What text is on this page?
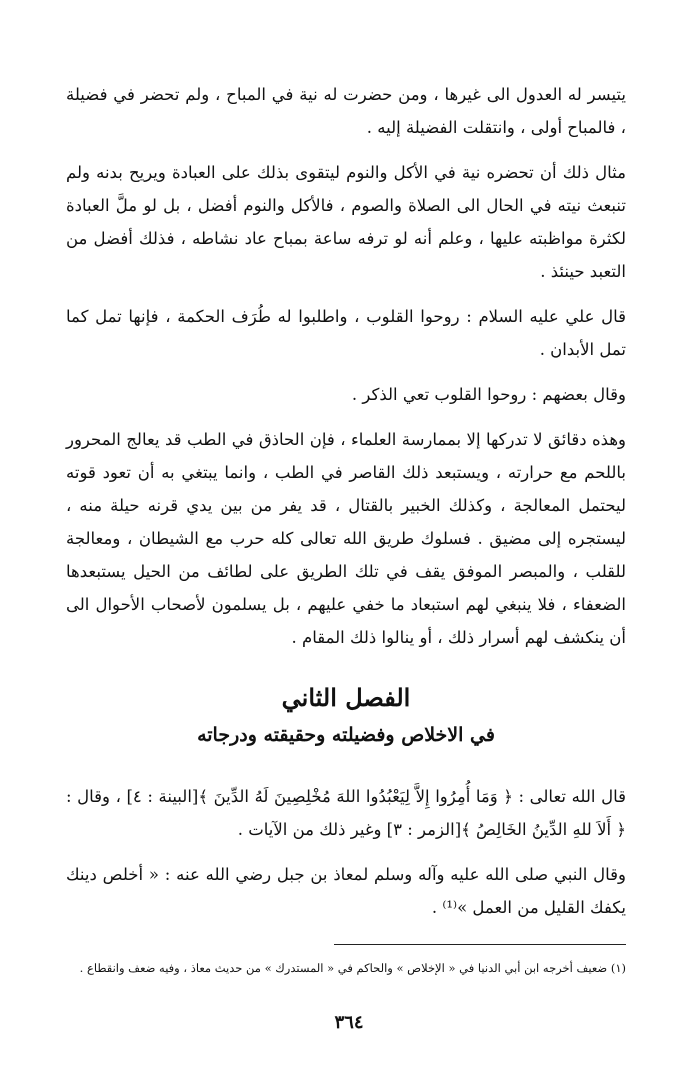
يتيسر له العدول الى غيرها ، ومن حضرت له نية في المباح ، ولم تحضر في فضيلة ، فالمباح أولى ، وانتقلت الفضيلة إليه .

مثال ذلك أن تحضره نية في الأكل والنوم ليتقوى بذلك على العبادة ويريح بدنه ولم تنبعث نيته في الحال الى الصلاة والصوم ، فالأكل والنوم أفضل ، بل لو ملَّ العبادة لكثرة مواظبته عليها ، وعلم أنه لو ترفه ساعة بمباح عاد نشاطه ، فذلك أفضل من التعبد حينئذ .

قال علي عليه السلام : روحوا القلوب ، واطلبوا له طُرَف الحكمة ، فإنها تمل كما تمل الأبدان .

وقال بعضهم : روحوا القلوب تعي الذكر .

وهذه دقائق لا تدركها إلا بممارسة العلماء ، فإن الحاذق في الطب قد يعالج المحرور باللحم مع حرارته ، ويستبعد ذلك القاصر في الطب ، وانما يبتغي به أن تعود قوته ليحتمل المعالجة ، وكذلك الخبير بالقتال ، قد يفر من بين يدي قرنه حيلة منه ، ليستجره إلى مضيق . فسلوك طريق الله تعالى كله حرب مع الشيطان ، ومعالجة للقلب ، والمبصر الموفق يقف في تلك الطريق على لطائف من الحيل يستبعدها الضعفاء ، فلا ينبغي لهم استبعاد ما خفي عليهم ، بل يسلمون لأصحاب الأحوال الى أن ينكشف لهم أسرار ذلك ، أو ينالوا ذلك المقام .

الفصل الثاني
في الاخلاص وفضيلته وحقيقته ودرجاته

قال الله تعالى : ﴿ وَمَا أُمِرُوا إِلاَّ لِيَعْبُدُوا اللهَ مُخْلِصِينَ لَهُ الدِّينَ ﴾[البينة : ٤] ، وقال : ﴿ أَلاَ للهِ الدِّينُ الخَالِصُ ﴾[الزمر : ٣] وغير ذلك من الآيات .

وقال النبي صلى الله عليه وآله وسلم لمعاذ بن جبل رضي الله عنه : « أخلص دينك يكفك القليل من العمل »⁽¹⁾ .

(١) ضعيف أخرجه ابن أبي الدنيا في « الإخلاص » والحاكم في « المستدرك » من حديث معاذ ، وفيه ضعف وانقطاع .
٣٦٤
